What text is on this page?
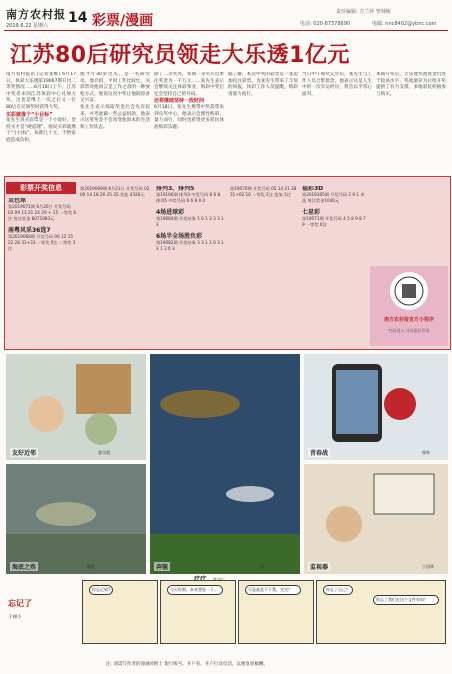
南方农村报
2019.6.22 星期六 14 彩票/漫画
责任编辑: 方兰萍 曾林彬
电话: 020-87378690	电邮: nnc8402@ybnc.com
江苏80后研究员领走大乐透1亿元

南方农村报讯 [记者张维] 6月17日，体彩大乐透第19067期开出二等奖情况……6月18日上午，江苏中奖者来到江苏体彩中心兑领大奖。这也是继上一次之后又一位80后在兑领奖时获得大奖。

买彩就像个“小目标”

张先生说买彩票是一个小爱好，坚持买才是“硬道理”。他说买彩就像个“小目标”，每期几十元，不给家庭造成负担。

他今年30岁出头，是一名研究员。他介绍，平时工作比较忙，买彩票对他而言是工作之余的一种放松方式。他说这次中奖让他既惊喜又兴奋。

张先生表示领取奖金后会先存起来，并考虑做一些公益捐款，他表示这笔奖金不会改变他原本的生活和工作状态。

除了二等奖外，本期一等奖开出单注奖金为一千万元……张先生表示会继续关注体彩事业，购彩中奖后还会坚持自己的号码。

还将继续坚持一段时间

6月18日，张先生携带中奖彩票来到兑奖中心，他表示会理性购彩，量力而行，同时也希望更多彩民体验购彩乐趣。

据了解，本次中奖的彩票是一张追加投注彩票，为张先生带来了丰厚的回报。体彩工作人员提醒，购彩请量力而行。

当日中午领奖完毕后，张先生与工作人员合影留念。他表示这是人生中的一次幸运经历，将会以平常心面对。

本期开奖后，大乐透奖池资金仍处于较高水平，奖池滚存为后续开奖提供了有力支撑，多地彩民积极参与购买。

彩票开奖信息

双色球

第2019071期 6月20日 开奖号码 03 09 13 21 24 29 + 15 一等奖 6注 每注奖金 8071983元

南粤风采36选7

第2019068期 开奖号码 06 12 15 22 26 31+33 一等奖 0注 二等奖 3注

第2019069期 6月21日 开奖号码 02 09 14 18 20 25 35 奖池 4326元

排列3、排列5

第19166期 排列3 中奖号码 6 6 8 排列5 中奖号码 6 6 8 0 4

4场进球彩

第19084期 开奖结果 1 0 1 3 3 3 1 3

6场半全场胜负彩

第19082期 开奖结果 3 3 1 1 0 3 1 3 1 3 0 3

第19070期 开奖号码 05 14 21 28 31+02 10 一等奖 2注 追加 1注

福彩3D

第2019165期 开奖号码 2 9 1 单选 每注奖金1040元

七星彩

第19071期 开奖号码 4 5 8 9 8 7 9 一等奖 0注

南方农村报官方小程序
扫码进入 开启惠民资讯
友好近邻	曹凤强
奔驰	刘
青春战	廖林
海底之殇	张同	监视器	于国林
忘记了
王丽小
你忘记啥?	今天你那，本来想说一下。	可是就是不下我，完完？	你忘了自己？
你忘了我们在这个文件有吗？
注: 请需写作者的漫画时附上 银行账号、开户名、开户行及电话，以便发放稿酬。
